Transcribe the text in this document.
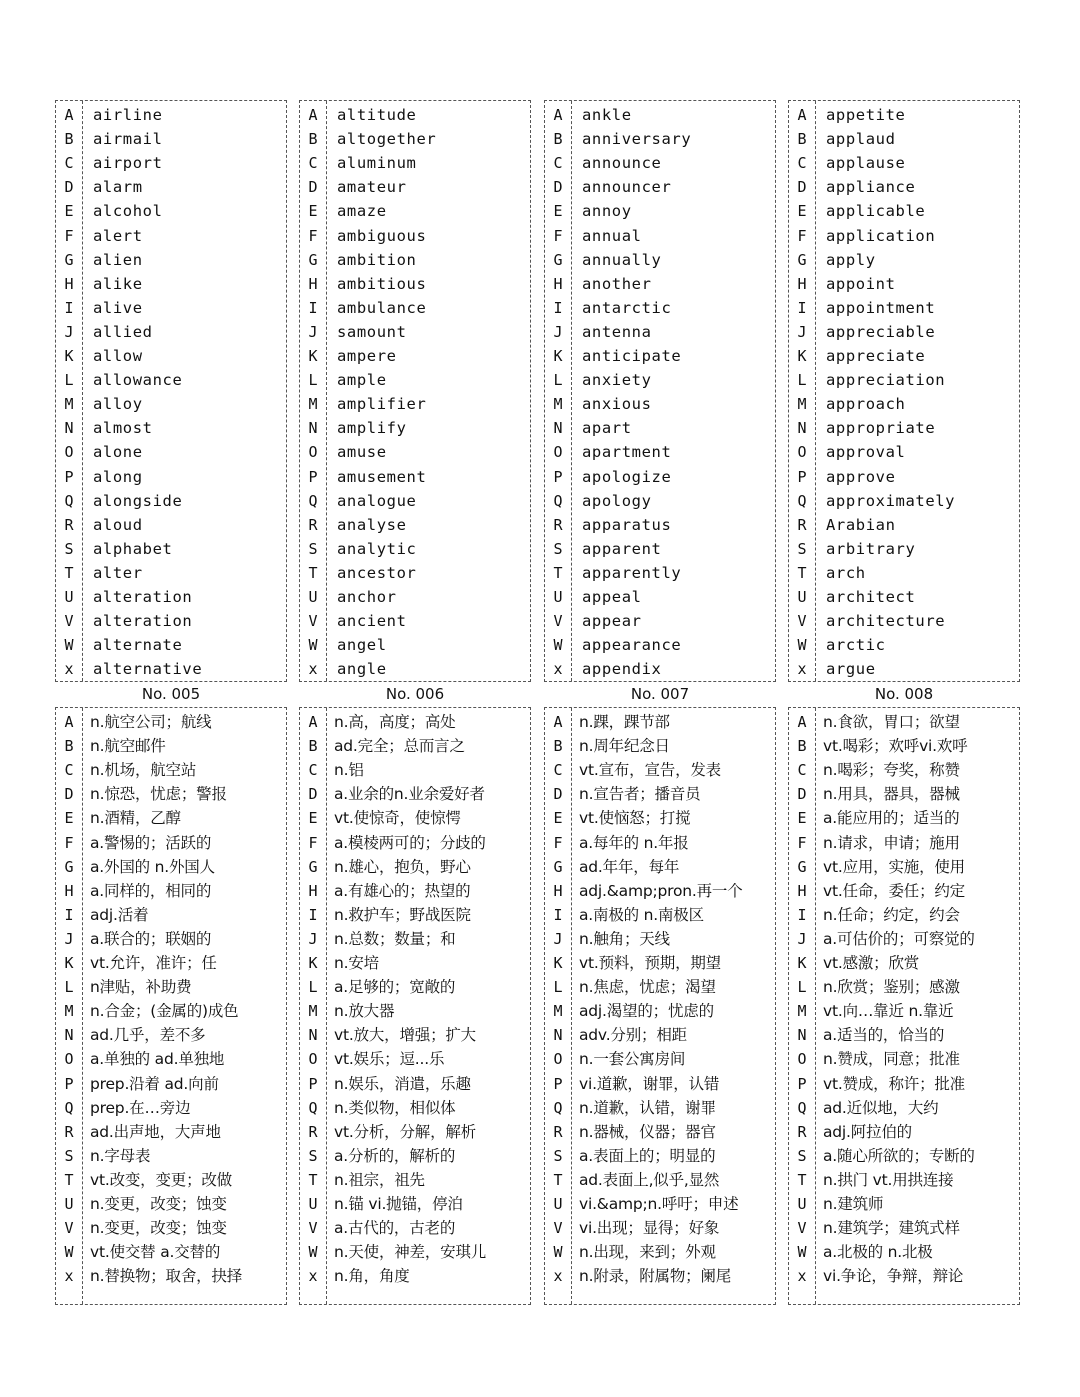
A	airline
B	airmail
C	airport
D	alarm
E	alcohol
F	alert
G	alien
H	alike
I	alive
J	allied
K	allow
L	allowance
M	alloy
N	almost
O	alone
P	along
Q	alongside
R	aloud
S	alphabet
T	alter
U	alteration
V	alteration
W	alternate
x	alternative
No. 005
A	n.航空公司；航线
B	n.航空邮件
C	n.机场，航空站
D	n.惊恐，忧虑；警报
E	n.酒精，乙醇
F	a.警惕的；活跃的
G	a.外国的 n.外国人
H	a.同样的，相同的
I	adj.活着
J	a.联合的；联姻的
K	vt.允许，准许；任
L	n津贴，补助费
M	n.合金；(金属的)成色
N	ad.几乎，差不多
O	a.单独的 ad.单独地
P	prep.沿着 ad.向前
Q	prep.在…旁边
R	ad.出声地，大声地
S	n.字母表
T	vt.改变，变更；改做
U	n.变更，改变；蚀变
V	n.变更，改变；蚀变
W	vt.使交替 a.交替的
x	n.替换物；取舍，抉择
A	altitude
B	altogether
C	aluminum
D	amateur
E	amaze
F	ambiguous
G	ambition
H	ambitious
I	ambulance
J	samount
K	ampere
L	ample
M	amplifier
N	amplify
O	amuse
P	amusement
Q	analogue
R	analyse
S	analytic
T	ancestor
U	anchor
V	ancient
W	angel
x	angle
No. 006
A	n.高，高度；高处
B	ad.完全；总而言之
C	n.铝
D	a.业余的n.业余爱好者
E	vt.使惊奇，使惊愕
F	a.模棱两可的；分歧的
G	n.雄心，抱负，野心
H	a.有雄心的；热望的
I	n.救护车；野战医院
J	n.总数；数量；和
K	n.安培
L	a.足够的；宽敞的
M	n.放大器
N	vt.放大，增强；扩大
O	vt.娱乐；逗...乐
P	n.娱乐，消遣，乐趣
Q	n.类似物，相似体
R	vt.分析，分解，解析
S	a.分析的，解析的
T	n.祖宗，祖先
U	n.锚 vi.抛锚，停泊
V	a.古代的，古老的
W	n.天使，神差，安琪儿
x	n.角，角度
A	ankle
B	anniversary
C	announce
D	announcer
E	annoy
F	annual
G	annually
H	another
I	antarctic
J	antenna
K	anticipate
L	anxiety
M	anxious
N	apart
O	apartment
P	apologize
Q	apology
R	apparatus
S	apparent
T	apparently
U	appeal
V	appear
W	appearance
x	appendix
No. 007
A	n.踝，踝节部
B	n.周年纪念日
C	vt.宣布，宣告，发表
D	n.宣告者；播音员
E	vt.使恼怒；打搅
F	a.每年的 n.年报
G	ad.年年，每年
H	adj.&amp;pron.再一个
I	a.南极的 n.南极区
J	n.触角；天线
K	vt.预料，预期，期望
L	n.焦虑，忧虑；渴望
M	adj.渴望的；忧虑的
N	adv.分别；相距
O	n.一套公寓房间
P	vi.道歉，谢罪，认错
Q	n.道歉，认错，谢罪
R	n.器械，仪器；器官
S	a.表面上的；明显的
T	ad.表面上,似乎,显然
U	vi.&amp;n.呼吁；申述
V	vi.出现；显得；好象
W	n.出现，来到；外观
x	n.附录，附属物；阑尾
A	appetite
B	applaud
C	applause
D	appliance
E	applicable
F	application
G	apply
H	appoint
I	appointment
J	appreciable
K	appreciate
L	appreciation
M	approach
N	appropriate
O	approval
P	approve
Q	approximately
R	Arabian
S	arbitrary
T	arch
U	architect
V	architecture
W	arctic
x	argue
No. 008
A	n.食欲，胃口；欲望
B	vt.喝彩；欢呼vi.欢呼
C	n.喝彩；夸奖，称赞
D	n.用具，器具，器械
E	a.能应用的；适当的
F	n.请求，申请；施用
G	vt.应用，实施，使用
H	vt.任命，委任；约定
I	n.任命；约定，约会
J	a.可估价的；可察觉的
K	vt.感激；欣赏
L	n.欣赏；鉴别；感激
M	vt.向…靠近 n.靠近
N	a.适当的，恰当的
O	n.赞成，同意；批准
P	vt.赞成，称许；批准
Q	ad.近似地，大约
R	adj.阿拉伯的
S	a.随心所欲的；专断的
T	n.拱门 vt.用拱连接
U	n.建筑师
V	n.建筑学；建筑式样
W	a.北极的 n.北极
x	vi.争论，争辩，辩论
